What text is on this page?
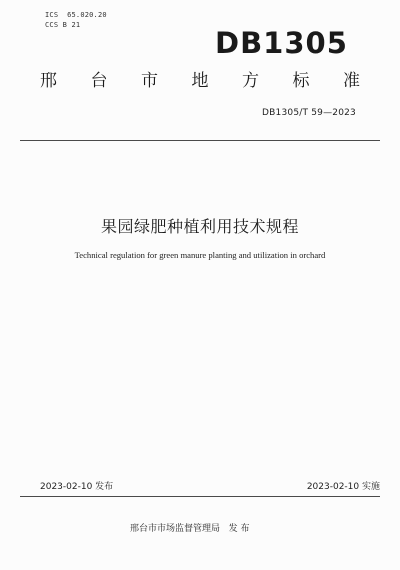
ICS  65.020.20
CCS B 21
DB1305
邢 台 市 地 方 标 准
DB1305/T 59—2023
果园绿肥种植利用技术规程
Technical regulation for green manure planting and utilization in orchard
2023-02-10 发布	2023-02-10 实施
邢台市市场监督管理局   发 布
